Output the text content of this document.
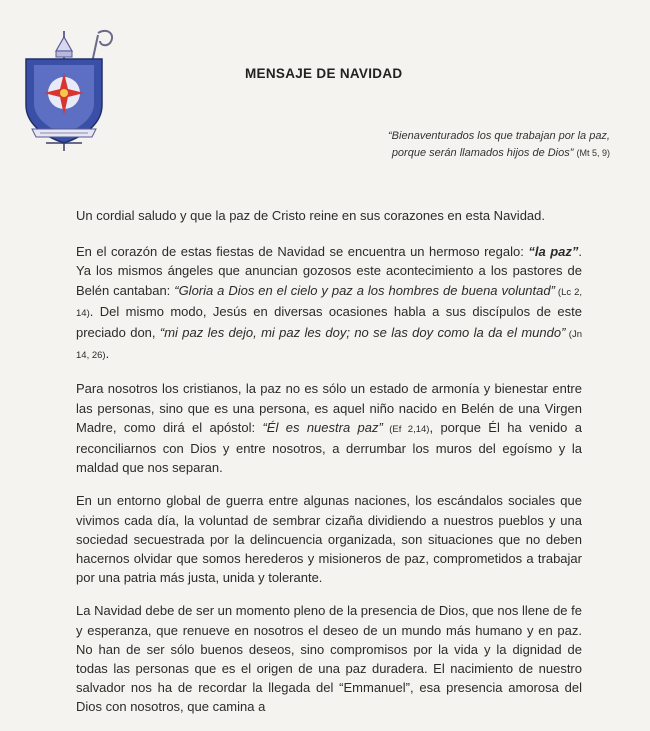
MENSAJE DE NAVIDAD
“Bienaventurados los que trabajan por la paz,
porque serán llamados hijos de Dios” (Mt 5, 9)

Un cordial saludo y que la paz de Cristo reine en sus corazones en esta Navidad.

En el corazón de estas fiestas de Navidad se encuentra un hermoso regalo: “la paz”. Ya los mismos ángeles que anuncian gozosos este acontecimiento a los pastores de Belén cantaban: “Gloria a Dios en el cielo y paz a los hombres de buena voluntad” (Lc 2, 14). Del mismo modo, Jesús en diversas ocasiones habla a sus discípulos de este preciado don, “mi paz les dejo, mi paz les doy; no se las doy como la da el mundo” (Jn 14, 26).

Para nosotros los cristianos, la paz no es sólo un estado de armonía y bienestar entre las personas, sino que es una persona, es aquel niño nacido en Belén de una Virgen Madre, como dirá el apóstol: “Él es nuestra paz” (Ef 2,14), porque Él ha venido a reconciliarnos con Dios y entre nosotros, a derrumbar los muros del egoísmo y la maldad que nos separan.

En un entorno global de guerra entre algunas naciones, los escándalos sociales que vivimos cada día, la voluntad de sembrar cizaña dividiendo a nuestros pueblos y una sociedad secuestrada por la delincuencia organizada, son situaciones que no deben hacernos olvidar que somos herederos y misioneros de paz, comprometidos a trabajar por una patria más justa, unida y tolerante.

La Navidad debe de ser un momento pleno de la presencia de Dios, que nos llene de fe y esperanza, que renueve en nosotros el deseo de un mundo más humano y en paz. No han de ser sólo buenos deseos, sino compromisos por la vida y la dignidad de todas las personas que es el origen de una paz duradera. El nacimiento de nuestro salvador nos ha de recordar la llegada del “Emmanuel”, esa presencia amorosa del Dios con nosotros, que camina a
